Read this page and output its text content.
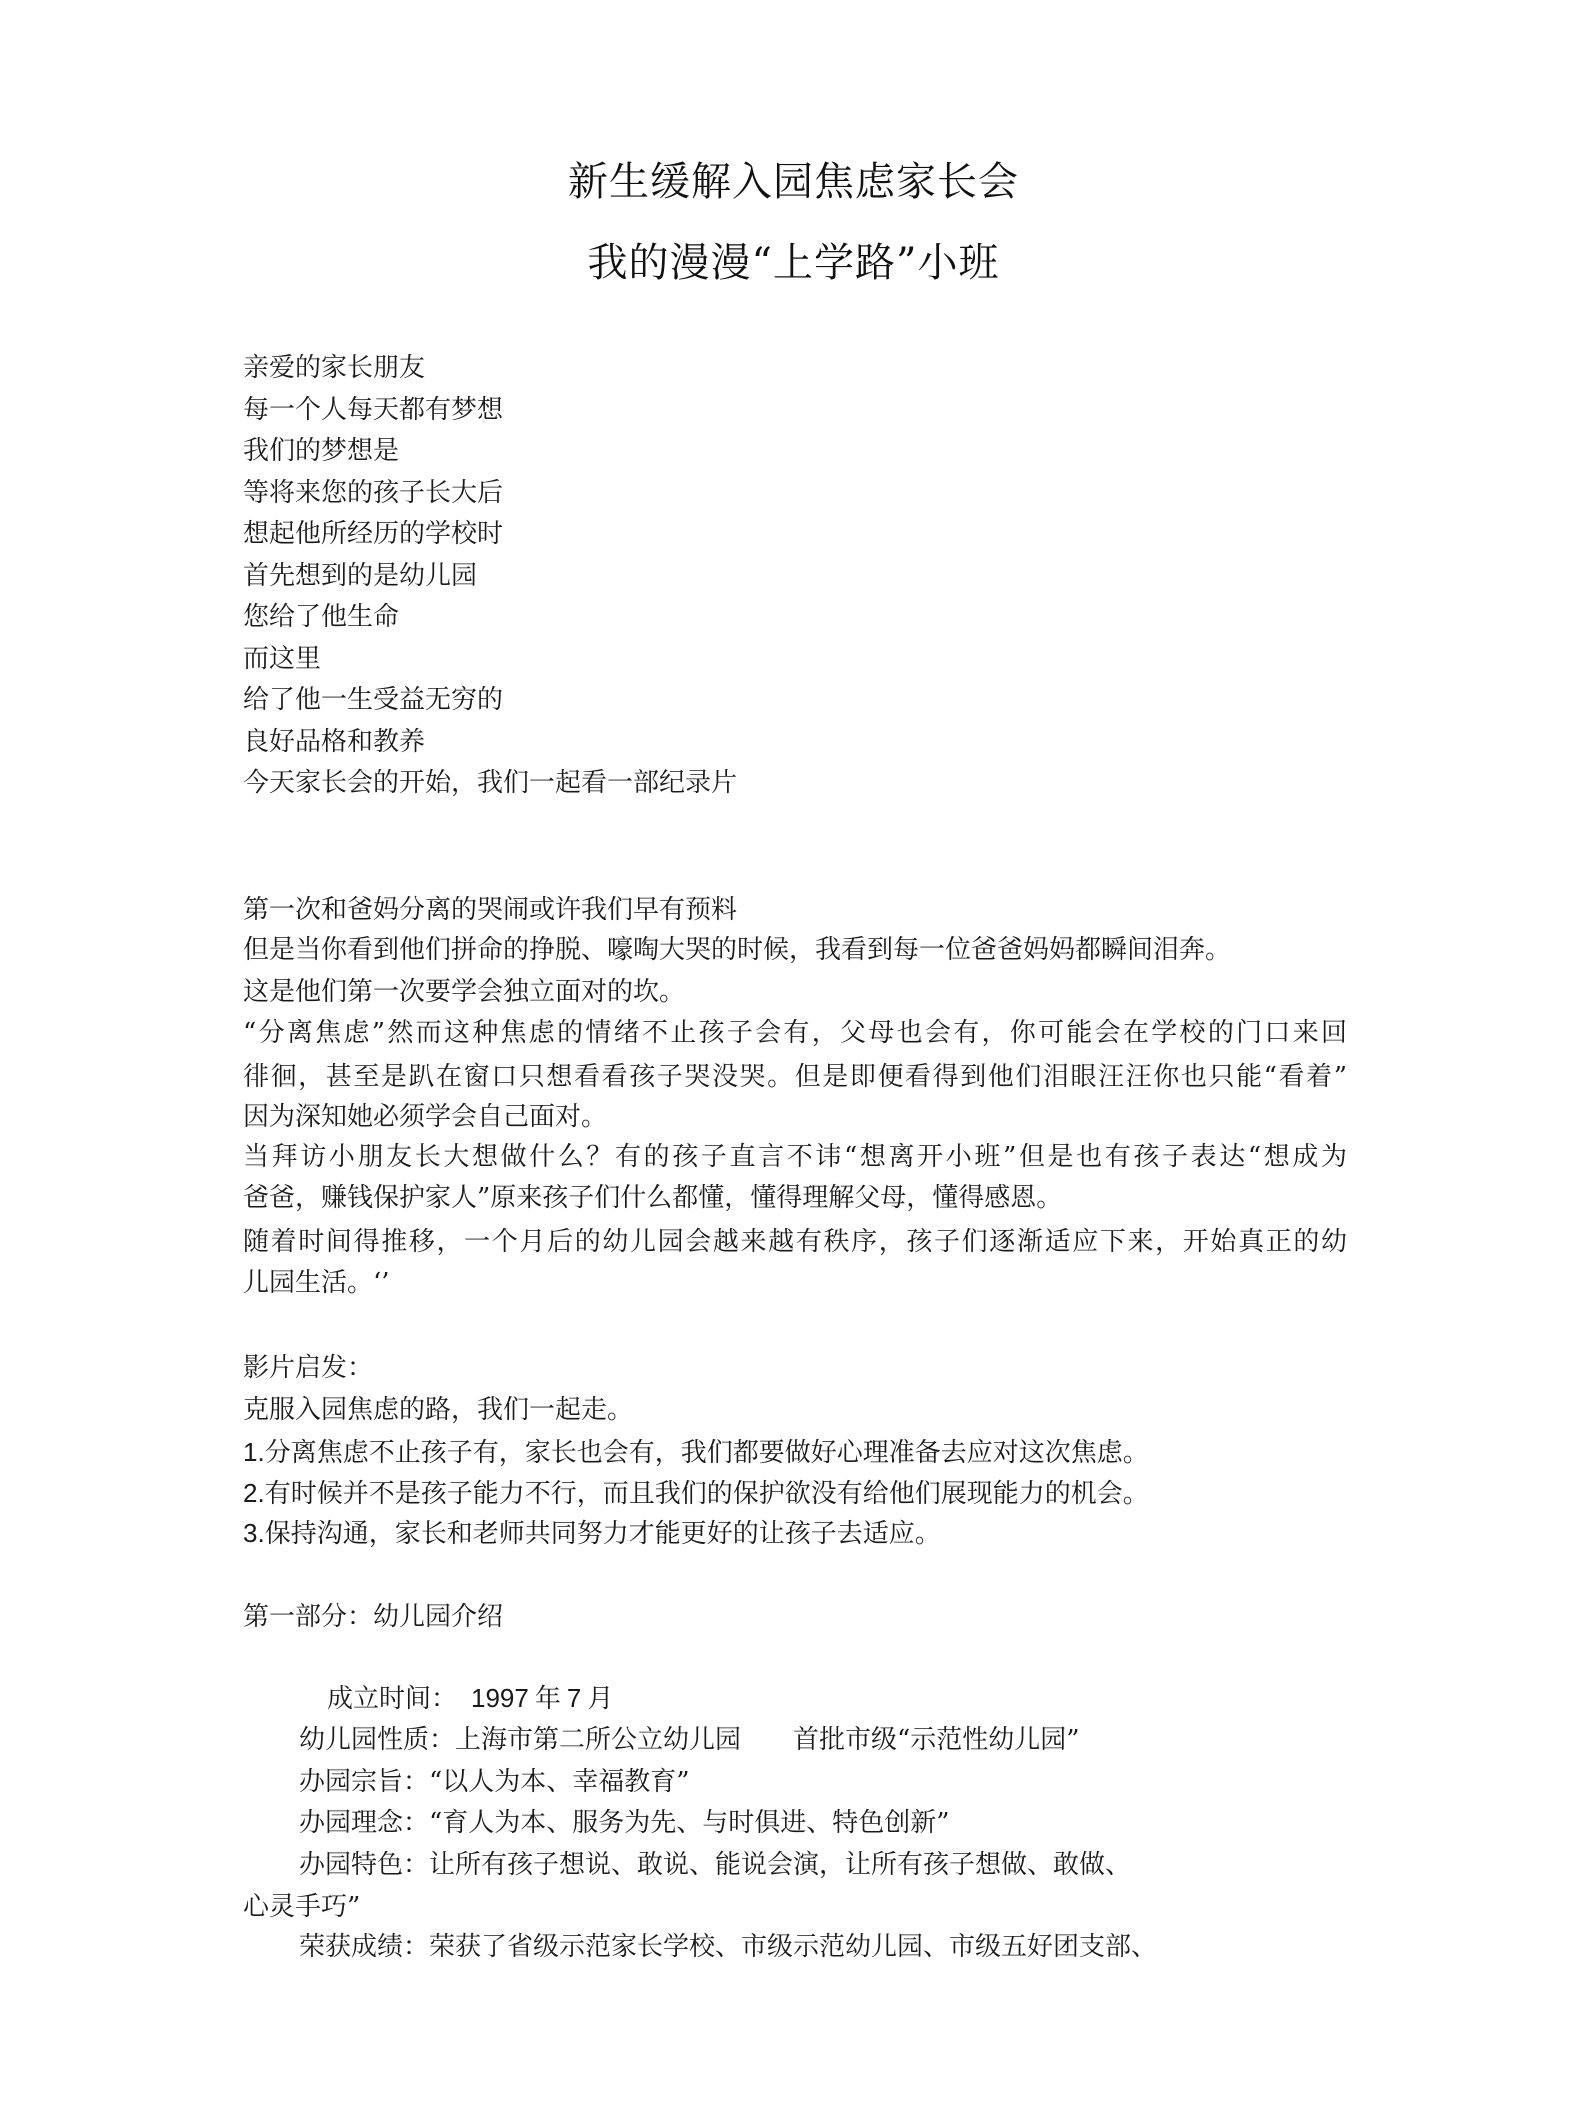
新生缓解入园焦虑家长会
我的漫漫“上学路”小班
亲爱的家长朋友
每一个人每天都有梦想
我们的梦想是
等将来您的孩子长大后
想起他所经历的学校时
首先想到的是幼儿园
您给了他生命
而这里
给了他一生受益无穷的
良好品格和教养
今天家长会的开始，我们一起看一部纪录片
第一次和爸妈分离的哭闹或许我们早有预料
但是当你看到他们拼命的挣脱、嚎啕大哭的时候，我看到每一位爸爸妈妈都瞬间泪奔。
这是他们第一次要学会独立面对的坎。
“分离焦虑”然而这种焦虑的情绪不止孩子会有，父母也会有，你可能会在学校的门口来回
徘徊，甚至是趴在窗口只想看看孩子哭没哭。但是即便看得到他们泪眼汪汪你也只能“看着”
因为深知她必须学会自己面对。
当拜访小朋友长大想做什么？有的孩子直言不讳“想离开小班”但是也有孩子表达“想成为
爸爸，赚钱保护家人”原来孩子们什么都懂，懂得理解父母，懂得感恩。
随着时间得推移，一个月后的幼儿园会越来越有秩序，孩子们逐渐适应下来，开始真正的幼
儿园生活。‘’
影片启发：
克服入园焦虑的路，我们一起走。
1.分离焦虑不止孩子有，家长也会有，我们都要做好心理准备去应对这次焦虑。
2.有时候并不是孩子能力不行，而且我们的保护欲没有给他们展现能力的机会。
3.保持沟通，家长和老师共同努力才能更好的让孩子去适应。
第一部分：幼儿园介绍
成立时间： 1997 年 7 月
幼儿园性质：上海市第二所公立幼儿园　　首批市级“示范性幼儿园”
办园宗旨：“以人为本、幸福教育”
办园理念：“育人为本、服务为先、与时俱进、特色创新”
办园特色：让所有孩子想说、敢说、能说会演，让所有孩子想做、敢做、
心灵手巧”
荣获成绩：荣获了省级示范家长学校、市级示范幼儿园、市级五好团支部、
